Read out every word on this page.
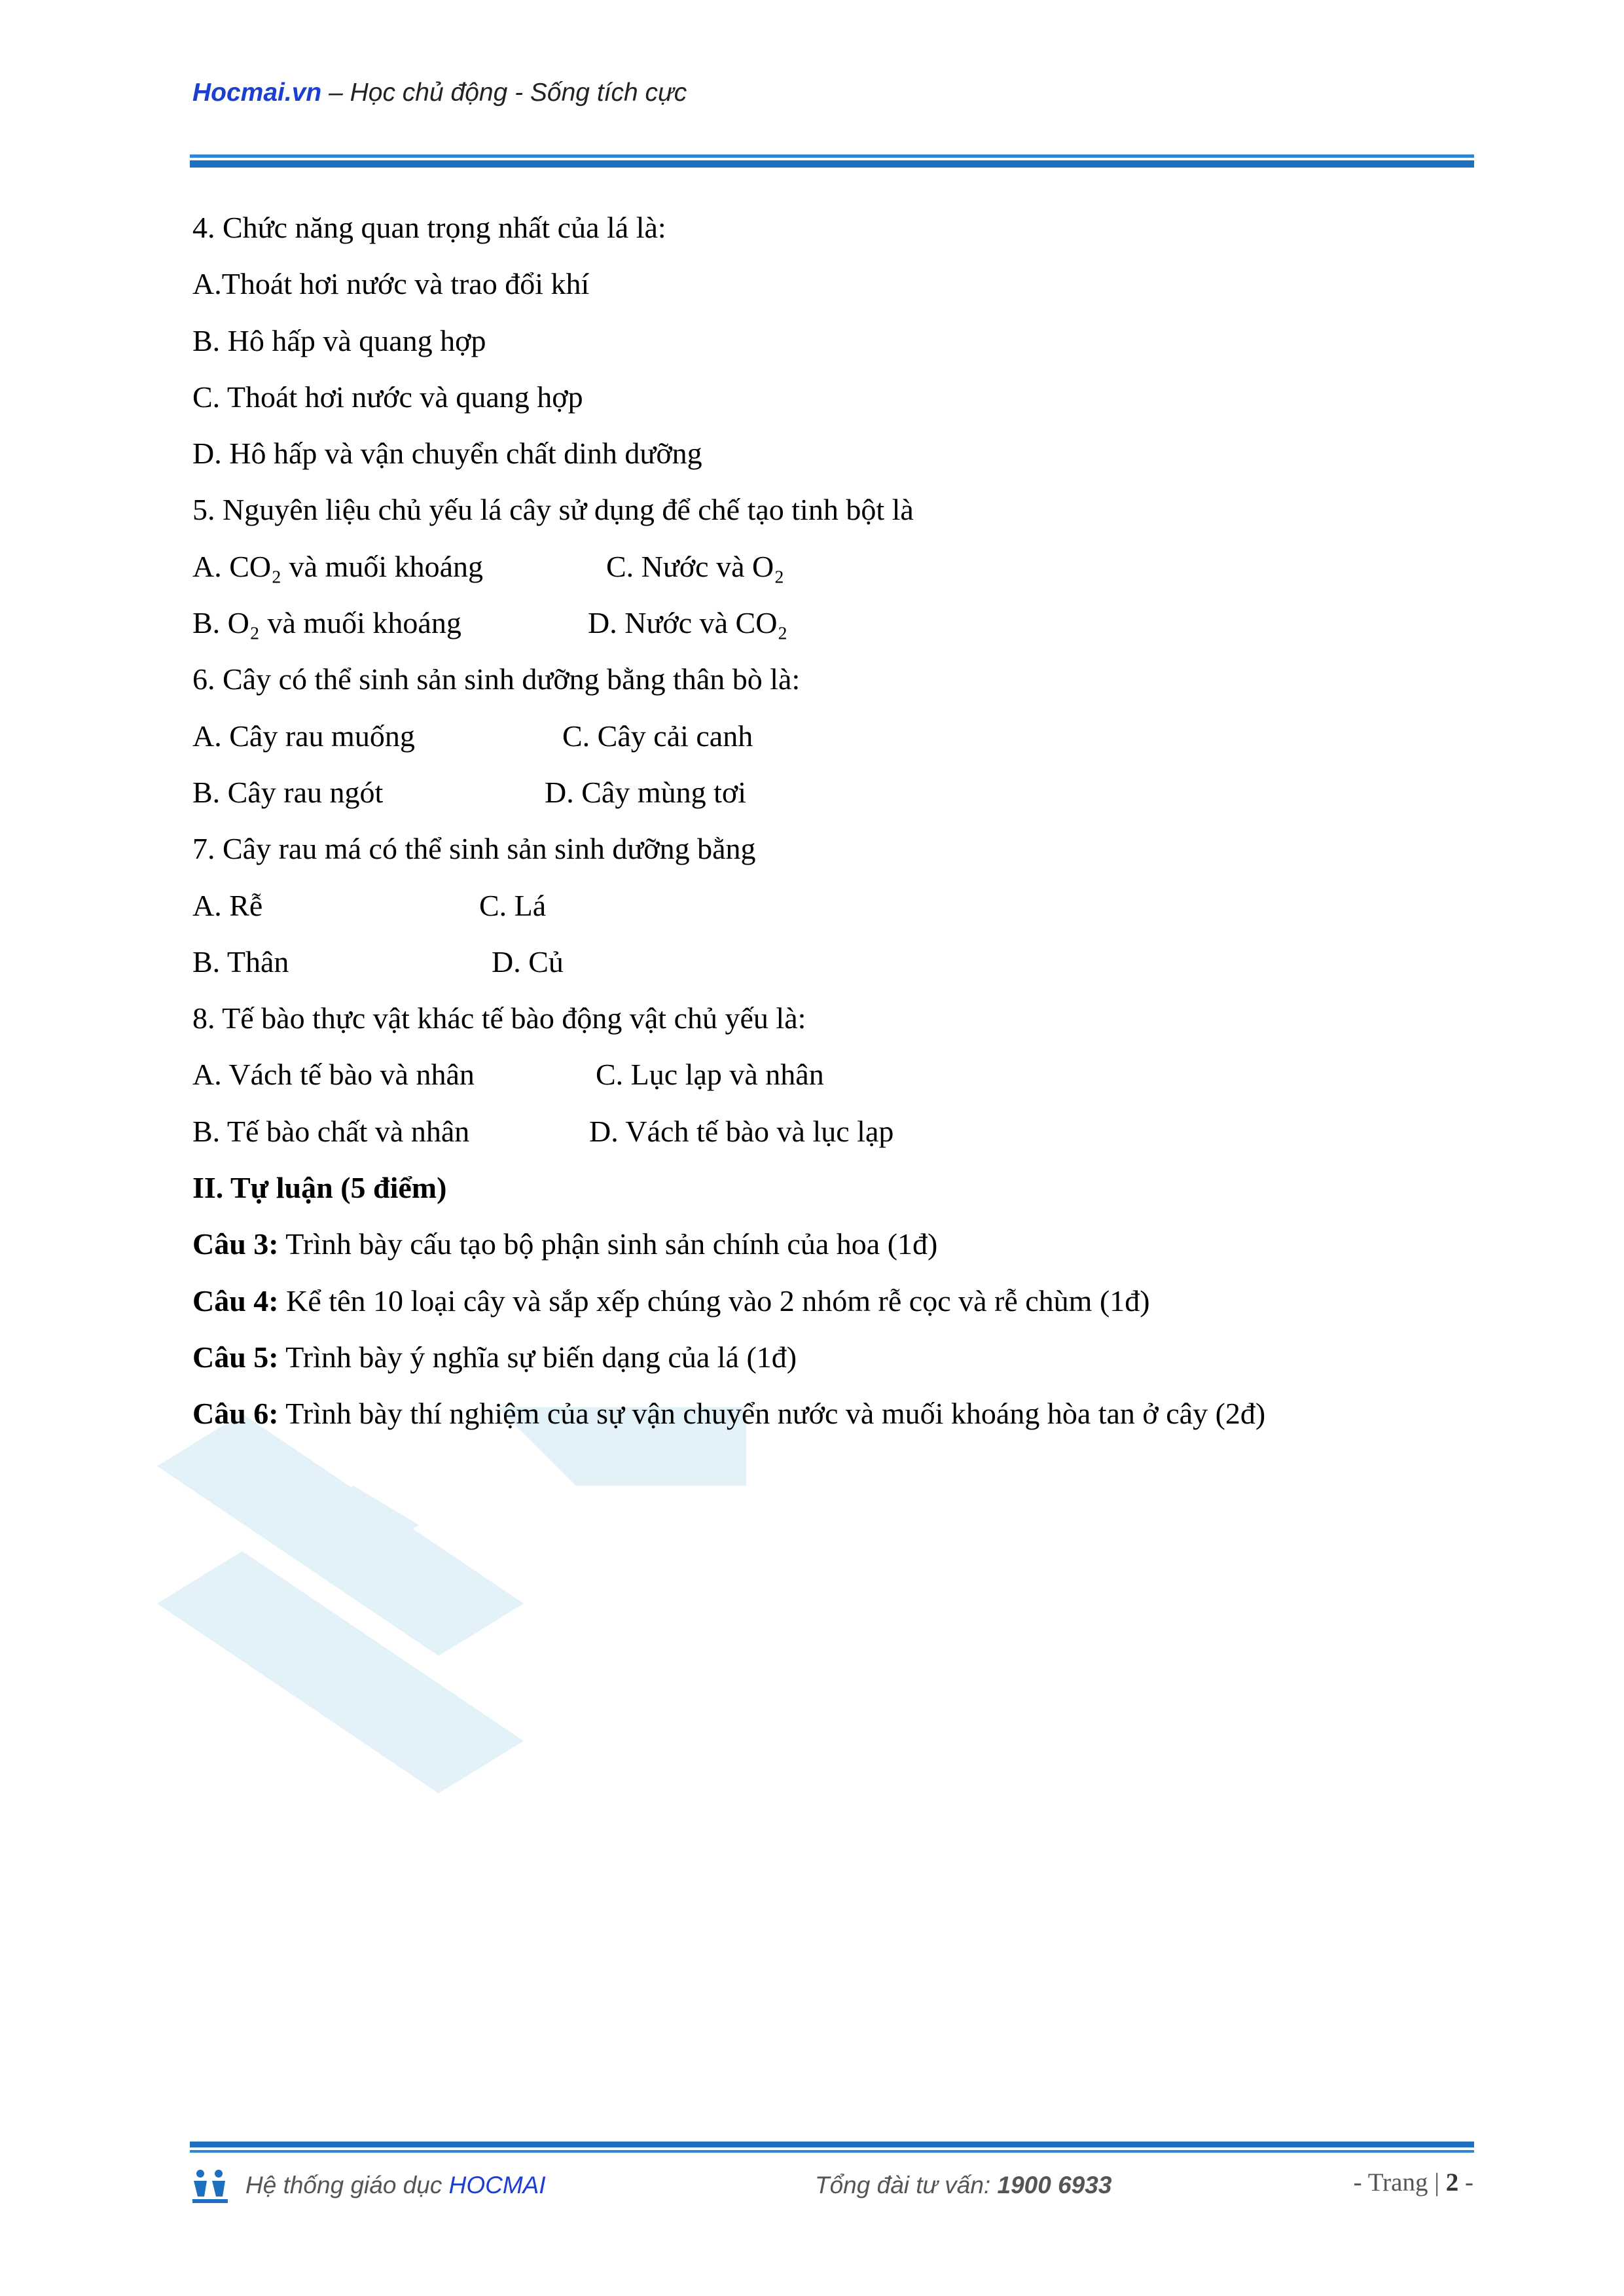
Hocmai.vn – Học chủ động - Sống tích cực
4. Chức năng quan trọng nhất của lá là:
A.Thoát hơi nước và trao đổi khí
B. Hô hấp và quang hợp
C. Thoát hơi nước và quang hợp
D. Hô hấp và vận chuyển chất dinh dưỡng
5. Nguyên liệu chủ yếu lá cây sử dụng để chế tạo tinh bột là
A. CO₂ và muối khoáng	C. Nước và O₂
B. O₂ và muối khoáng	D. Nước và CO₂
6. Cây có thể sinh sản sinh dưỡng bằng thân bò là:
A. Cây rau muống	C. Cây cải canh
B. Cây rau ngót	D. Cây mùng tơi
7. Cây rau má có thể sinh sản sinh dưỡng bằng
A. Rễ	C. Lá
B. Thân	D. Củ
8. Tế bào thực vật khác tế bào động vật chủ yếu là:
A. Vách tế bào và nhân	C. Lục lạp và nhân
B. Tế bào chất và nhân	D. Vách tế bào và lục lạp
II. Tự luận (5 điểm)
Câu 3: Trình bày cấu tạo bộ phận sinh sản chính của hoa (1đ)
Câu 4: Kể tên 10 loại cây và sắp xếp chúng vào 2 nhóm rễ cọc và rễ chùm (1đ)
Câu 5: Trình bày ý nghĩa sự biến dạng của lá (1đ)
Câu 6: Trình bày thí nghiệm của sự vận chuyển nước và muối khoáng hòa tan ở cây (2đ)
Hệ thống giáo dục HOCMAI	Tổng đài tư vấn: 1900 6933	- Trang | 2 -
